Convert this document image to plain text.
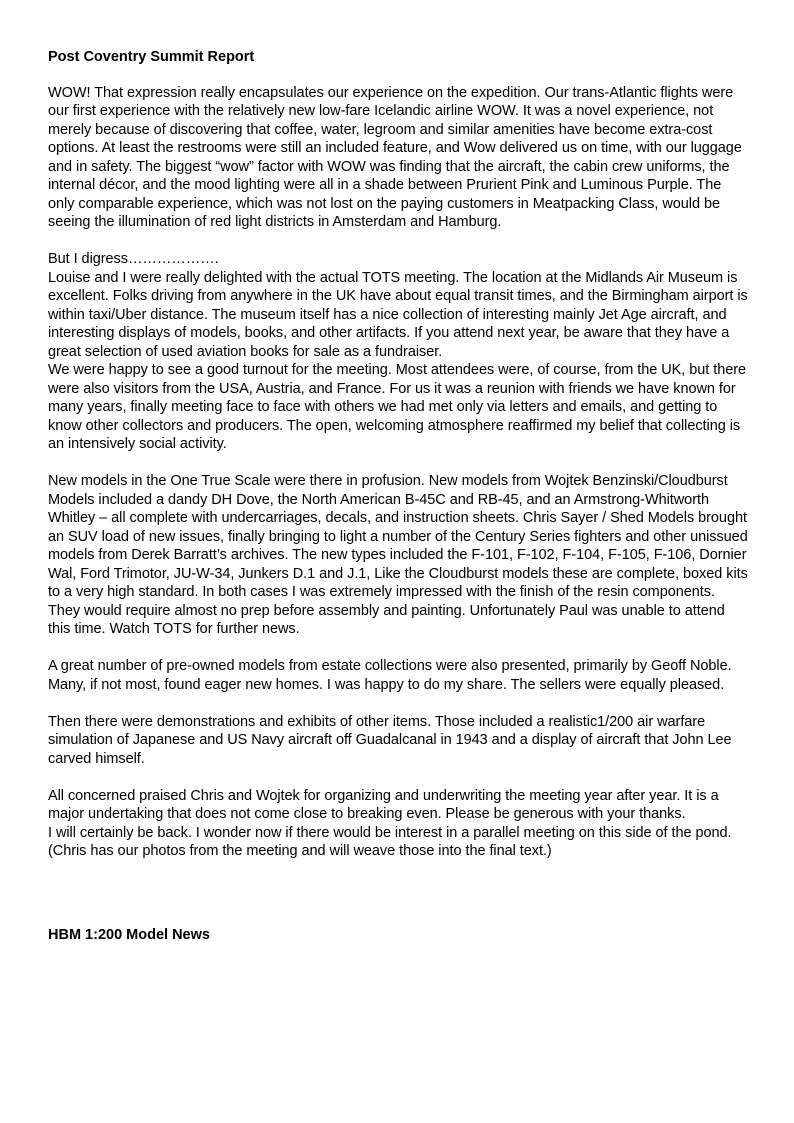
Post Coventry Summit Report

WOW! That expression really encapsulates our experience on the expedition. Our trans-Atlantic flights were our first experience with the relatively new low-fare Icelandic airline WOW. It was a novel experience, not merely because of discovering that coffee, water, legroom and similar amenities have become extra-cost options. At least the restrooms were still an included feature, and Wow delivered us on time, with our luggage and in safety. The biggest “wow” factor with WOW was finding that the aircraft, the cabin crew uniforms, the internal décor, and the mood lighting were all in a shade between Prurient Pink and Luminous Purple. The only comparable experience, which was not lost on the paying customers in Meatpacking Class, would be seeing the illumination of red light districts in Amsterdam and Hamburg.

But I digress……………….

Louise and I were really delighted with the actual TOTS meeting. The location at the Midlands Air Museum is excellent. Folks driving from anywhere in the UK have about equal transit times, and the Birmingham airport is within taxi/Uber distance. The museum itself has a nice collection of interesting mainly Jet Age aircraft, and interesting displays of models, books, and other artifacts. If you attend next year, be aware that they have a great selection of used aviation books for sale as a fundraiser.

We were happy to see a good turnout for the meeting. Most attendees were, of course, from the UK, but there were also visitors from the USA, Austria, and France. For us it was a reunion with friends we have known for many years, finally meeting face to face with others we had met only via letters and emails, and getting to know other collectors and producers. The open, welcoming atmosphere reaffirmed my belief that collecting is an intensively social activity.

New models in the One True Scale were there in profusion. New models from Wojtek Benzinski/Cloudburst Models included a dandy DH Dove, the North American B-45C and RB-45, and an Armstrong-Whitworth Whitley – all complete with undercarriages, decals, and instruction sheets. Chris Sayer / Shed Models brought an SUV load of new issues, finally bringing to light a number of the Century Series fighters and other unissued models from Derek Barratt’s archives. The new types included the F-101, F-102, F-104, F-105, F-106, Dornier Wal, Ford Trimotor, JU-W-34, Junkers D.1 and J.1, Like the Cloudburst models these are complete, boxed kits to a very high standard. In both cases I was extremely impressed with the finish of the resin components. They would require almost no prep before assembly and painting. Unfortunately Paul was unable to attend this time. Watch TOTS for further news.

A great number of pre-owned models from estate collections were also presented, primarily by Geoff Noble. Many, if not most, found eager new homes. I was happy to do my share. The sellers were equally pleased.

Then there were demonstrations and exhibits of other items. Those included a realistic1/200 air warfare simulation of Japanese and US Navy aircraft off Guadalcanal in 1943 and a display of aircraft that John Lee carved himself.

All concerned praised Chris and Wojtek for organizing and underwriting the meeting year after year. It is a major undertaking that does not come close to breaking even. Please be generous with your thanks.

I will certainly be back. I wonder now if there would be interest in a parallel meeting on this side of the pond.

(Chris has our photos from the meeting and will weave those into the final text.)

HBM 1:200 Model News
